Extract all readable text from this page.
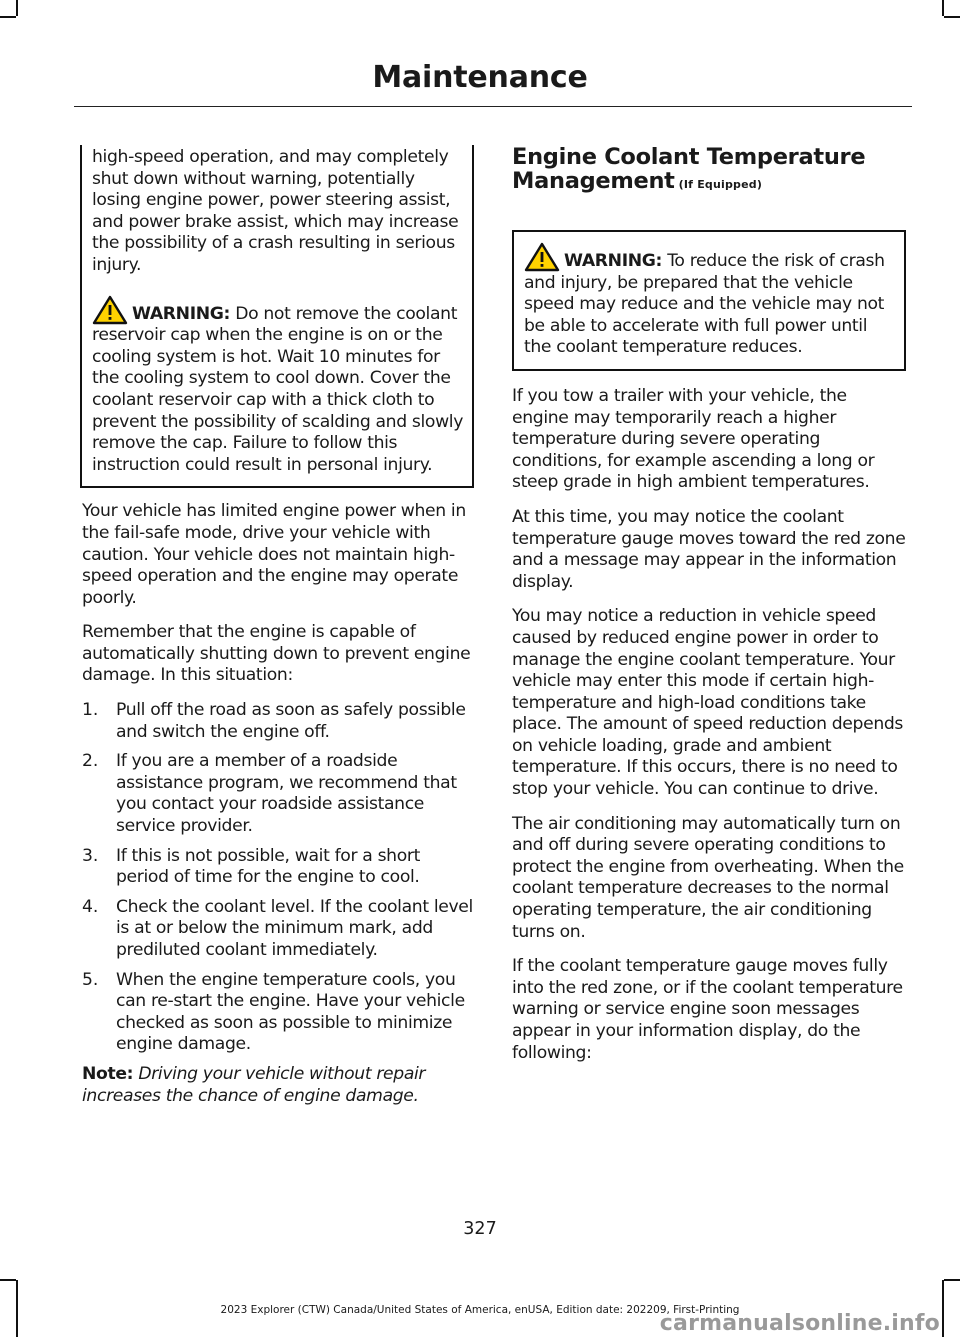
Maintenance

high-speed operation, and may completely shut down without warning, potentially losing engine power, power steering assist, and power brake assist, which may increase the possibility of a crash resulting in serious injury.

WARNING: Do not remove the coolant reservoir cap when the engine is on or the cooling system is hot. Wait 10 minutes for the cooling system to cool down. Cover the coolant reservoir cap with a thick cloth to prevent the possibility of scalding and slowly remove the cap. Failure to follow this instruction could result in personal injury.

Your vehicle has limited engine power when in the fail-safe mode, drive your vehicle with caution. Your vehicle does not maintain high-speed operation and the engine may operate poorly.

Remember that the engine is capable of automatically shutting down to prevent engine damage. In this situation:

1.	Pull off the road as soon as safely possible and switch the engine off.
2.	If you are a member of a roadside assistance program, we recommend that you contact your roadside assistance service provider.
3.	If this is not possible, wait for a short period of time for the engine to cool.
4.	Check the coolant level. If the coolant level is at or below the minimum mark, add prediluted coolant immediately.
5.	When the engine temperature cools, you can re-start the engine. Have your vehicle checked as soon as possible to minimize engine damage.

Note: Driving your vehicle without repair increases the chance of engine damage.

Engine Coolant Temperature Management (If Equipped)

WARNING: To reduce the risk of crash and injury, be prepared that the vehicle speed may reduce and the vehicle may not be able to accelerate with full power until the coolant temperature reduces.

If you tow a trailer with your vehicle, the engine may temporarily reach a higher temperature during severe operating conditions, for example ascending a long or steep grade in high ambient temperatures.

At this time, you may notice the coolant temperature gauge moves toward the red zone and a message may appear in the information display.

You may notice a reduction in vehicle speed caused by reduced engine power in order to manage the engine coolant temperature. Your vehicle may enter this mode if certain high-temperature and high-load conditions take place. The amount of speed reduction depends on vehicle loading, grade and ambient temperature. If this occurs, there is no need to stop your vehicle. You can continue to drive.

The air conditioning may automatically turn on and off during severe operating conditions to protect the engine from overheating. When the coolant temperature decreases to the normal operating temperature, the air conditioning turns on.

If the coolant temperature gauge moves fully into the red zone, or if the coolant temperature warning or service engine soon messages appear in your information display, do the following:

327
2023 Explorer (CTW) Canada/United States of America, enUSA, Edition date: 202209, First-Printing
carmanualsonline.info
